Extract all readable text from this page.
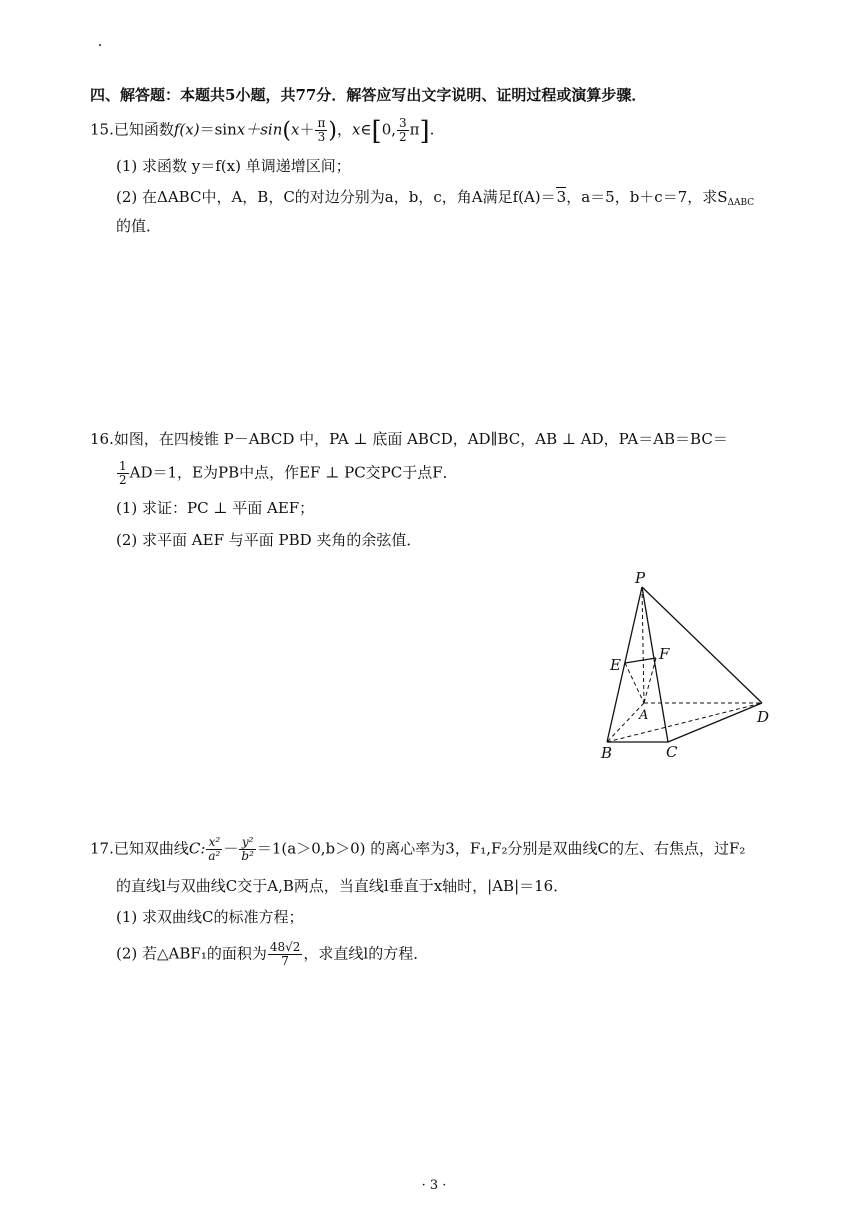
四、解答题：本题共5小题，共77分．解答应写出文字说明、证明过程或演算步骤．
15.已知函数$f(x)=\sin x+\sin(x+ \frac{\pi}{3}$ )，x∈[0, $\frac{3}{2} \pi$].
(1) 求函数 y＝f(x) 单调递增区间；
(2) 在ΔABC中，A，B，C的对边分别为a，b，c，角A满足f(A)＝3，a＝5，b＋c＝7，求$S_{\Delta ABC}$
的值．
16.如图，在四棱锥 P－ABCD 中，PA ⊥ 底面 ABCD，AD∥BC，AB ⊥ AD，PA＝AB＝BC＝
$\frac{1}{2} AD=1$，E为PB中点，作EF ⊥ PC交PC于点F．
(1) 求证：PC ⊥ 平面 AEF；
(2) 求平面 AEF 与平面 PBD 夹角的余弦值．
P
E
F
A	D
B	C
17.已知双曲线C: $\frac{\text{x²}}{\text{a²}} - \frac{\text{y²}}{\text{b²}} =1(a>0,b>0)$ 的离心率为3，F₁,F₂分别是双曲线C的左、右焦点，过F₂
的直线l与双曲线C交于A,B两点，当直线l垂直于x轴时，|AB|＝16．
(1) 求双曲线C的标准方程；
(2) 若△ABF₁的面积为 $\frac{48√2}{7}$ ，求直线l的方程．
· 3 ·
